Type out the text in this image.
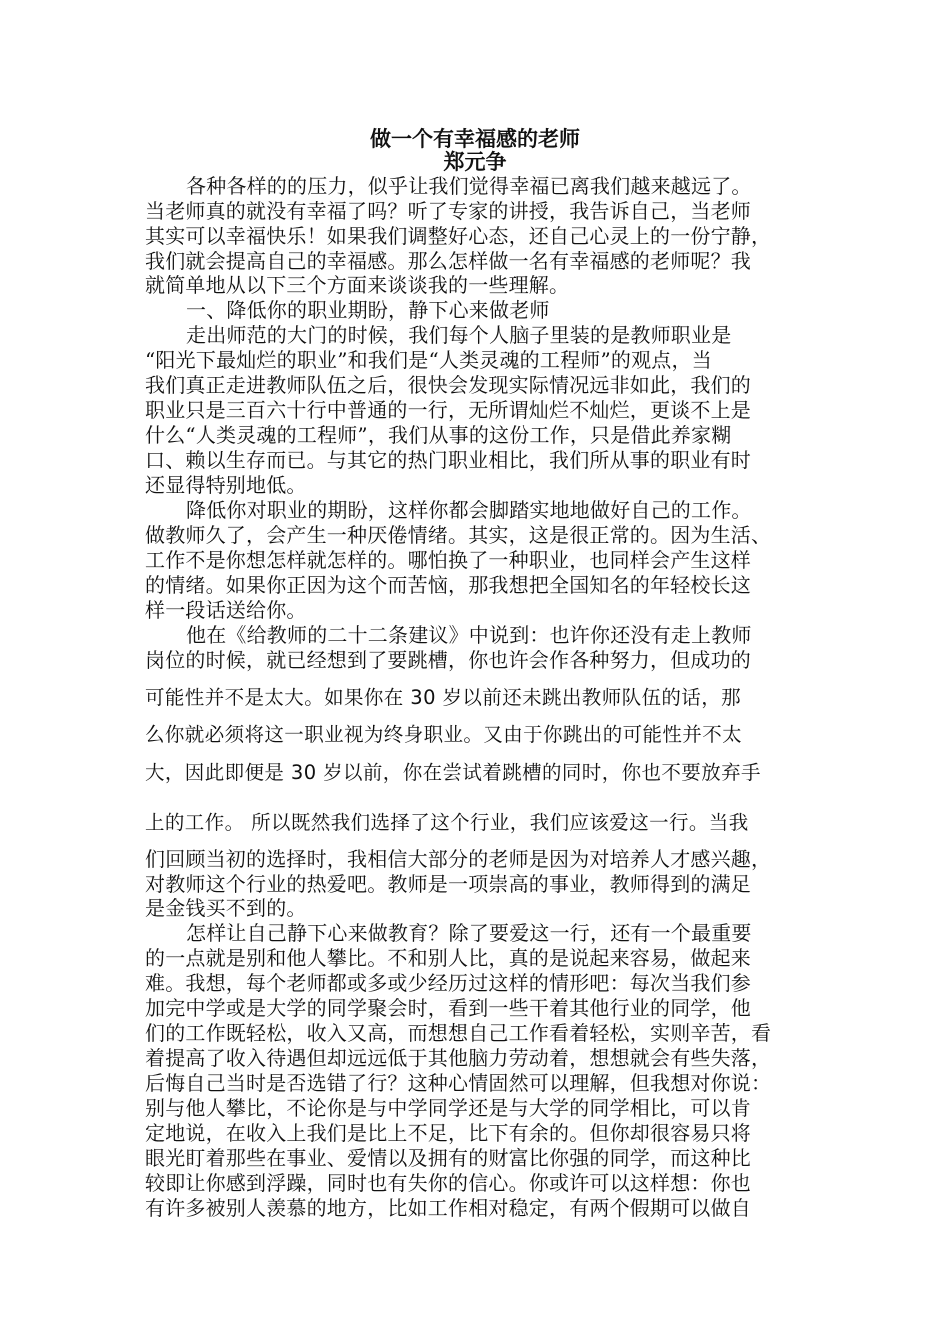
做一个有幸福感的老师
郑元争

各种各样的的压力，似乎让我们觉得幸福已离我们越来越远了。

当老师真的就没有幸福了吗？听了专家的讲授，我告诉自己，当老师

其实可以幸福快乐！如果我们调整好心态，还自己心灵上的一份宁静，

我们就会提高自己的幸福感。那么怎样做一名有幸福感的老师呢？我

就简单地从以下三个方面来谈谈我的一些理解。

一、降低你的职业期盼，静下心来做老师

走出师范的大门的时候，我们每个人脑子里装的是教师职业是

“阳光下最灿烂的职业”和我们是“人类灵魂的工程师”的观点，当

我们真正走进教师队伍之后，很快会发现实际情况远非如此，我们的

职业只是三百六十行中普通的一行，无所谓灿烂不灿烂，更谈不上是

什么“人类灵魂的工程师”，我们从事的这份工作，只是借此养家糊

口、赖以生存而已。与其它的热门职业相比，我们所从事的职业有时

还显得特别地低。

降低你对职业的期盼，这样你都会脚踏实地地做好自己的工作。

做教师久了，会产生一种厌倦情绪。其实，这是很正常的。因为生活、

工作不是你想怎样就怎样的。哪怕换了一种职业，也同样会产生这样

的情绪。如果你正因为这个而苦恼，那我想把全国知名的年轻校长这

样一段话送给你。

他在《给教师的二十二条建议》中说到：也许你还没有走上教师

岗位的时候，就已经想到了要跳槽，你也许会作各种努力，但成功的

可能性并不是太大。如果你在 30 岁以前还未跳出教师队伍的话，那

么你就必须将这一职业视为终身职业。又由于你跳出的可能性并不太

大，因此即便是 30 岁以前，你在尝试着跳槽的同时，你也不要放弃手

上的工作。 所以既然我们选择了这个行业，我们应该爱这一行。当我

们回顾当初的选择时，我相信大部分的老师是因为对培养人才感兴趣，

对教师这个行业的热爱吧。教师是一项崇高的事业，教师得到的满足

是金钱买不到的。

怎样让自己静下心来做教育？除了要爱这一行，还有一个最重要

的一点就是别和他人攀比。不和别人比，真的是说起来容易，做起来

难。我想，每个老师都或多或少经历过这样的情形吧：每次当我们参

加完中学或是大学的同学聚会时，看到一些干着其他行业的同学，他

们的工作既轻松，收入又高，而想想自己工作看着轻松，实则辛苦，看

着提高了收入待遇但却远远低于其他脑力劳动着，想想就会有些失落，

后悔自己当时是否选错了行？这种心情固然可以理解，但我想对你说：

别与他人攀比，不论你是与中学同学还是与大学的同学相比，可以肯

定地说，在收入上我们是比上不足，比下有余的。但你却很容易只将

眼光盯着那些在事业、爱情以及拥有的财富比你强的同学，而这种比

较即让你感到浮躁，同时也有失你的信心。你或许可以这样想：你也

有许多被别人羡慕的地方，比如工作相对稳定，有两个假期可以做自
